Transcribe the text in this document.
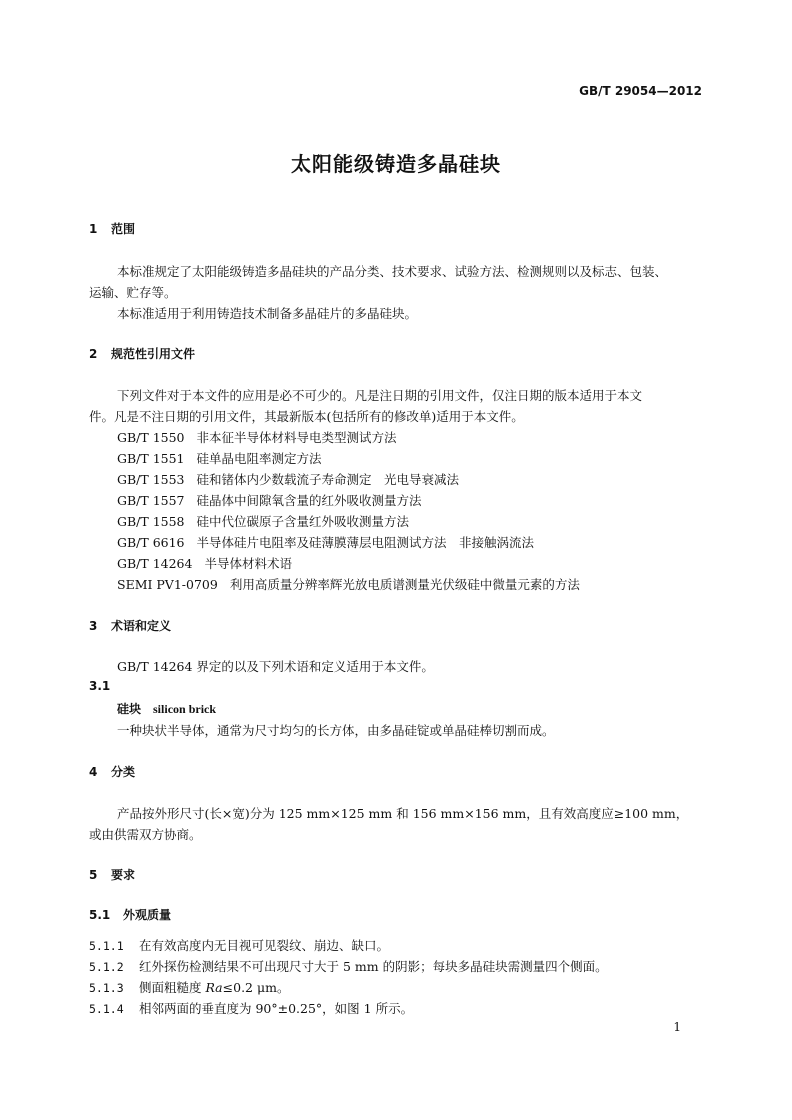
GB/T 29054—2012
太阳能级铸造多晶硅块
1 范围
本标准规定了太阳能级铸造多晶硅块的产品分类、技术要求、试验方法、检测规则以及标志、包装、
运输、贮存等。
本标准适用于利用铸造技术制备多晶硅片的多晶硅块。
2 规范性引用文件
下列文件对于本文件的应用是必不可少的。凡是注日期的引用文件，仅注日期的版本适用于本文
件。凡是不注日期的引用文件，其最新版本(包括所有的修改单)适用于本文件。
GB/T 1550 非本征半导体材料导电类型测试方法
GB/T 1551 硅单晶电阻率测定方法
GB/T 1553 硅和锗体内少数载流子寿命测定　光电导衰减法
GB/T 1557 硅晶体中间隙氧含量的红外吸收测量方法
GB/T 1558 硅中代位碳原子含量红外吸收测量方法
GB/T 6616 半导体硅片电阻率及硅薄膜薄层电阻测试方法　非接触涡流法
GB/T 14264 半导体材料术语
SEMI PV1-0709 利用高质量分辨率辉光放电质谱测量光伏级硅中微量元素的方法
3 术语和定义
GB/T 14264 界定的以及下列术语和定义适用于本文件。
3.1
硅块 silicon brick
一种块状半导体，通常为尺寸均匀的长方体，由多晶硅锭或单晶硅棒切割而成。
4 分类
产品按外形尺寸(长×宽)分为 125 mm×125 mm 和 156 mm×156 mm，且有效高度应≥100 mm，
或由供需双方协商。
5 要求
5.1 外观质量
5.1.1 在有效高度内无目视可见裂纹、崩边、缺口。
5.1.2 红外探伤检测结果不可出现尺寸大于 5 mm 的阴影；每块多晶硅块需测量四个侧面。
5.1.3 侧面粗糙度 Ra≤0.2 μm。
5.1.4 相邻两面的垂直度为 90°±0.25°，如图 1 所示。
1
